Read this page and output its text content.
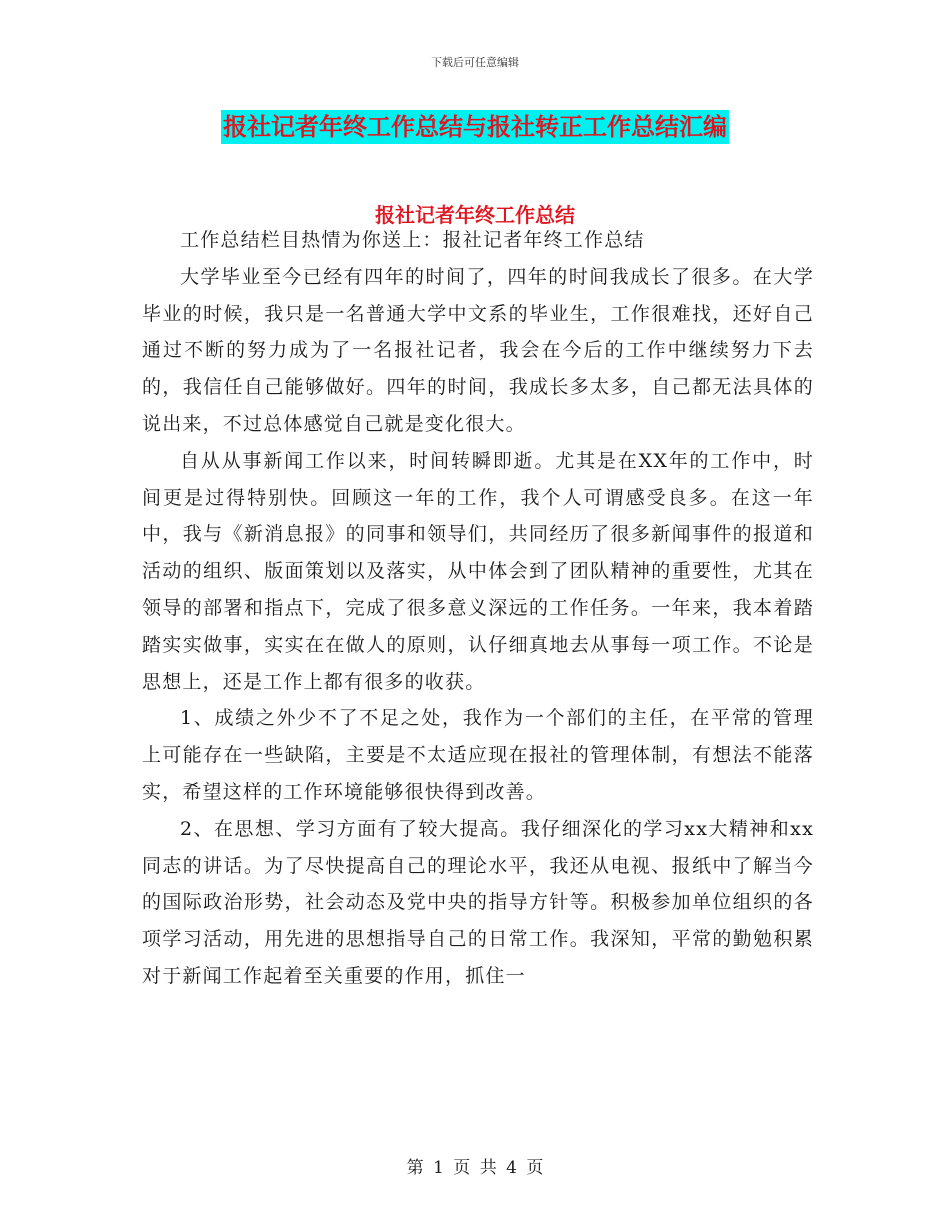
下载后可任意编辑
报社记者年终工作总结与报社转正工作总结汇编
报社记者年终工作总结

工作总结栏目热情为你送上：报社记者年终工作总结

大学毕业至今已经有四年的时间了，四年的时间我成长了很多。在大学毕业的时候，我只是一名普通大学中文系的毕业生，工作很难找，还好自己通过不断的努力成为了一名报社记者，我会在今后的工作中继续努力下去的，我信任自己能够做好。四年的时间，我成长多太多，自己都无法具体的说出来，不过总体感觉自己就是变化很大。

自从从事新闻工作以来，时间转瞬即逝。尤其是在XX年的工作中，时间更是过得特别快。回顾这一年的工作，我个人可谓感受良多。在这一年中，我与《新消息报》的同事和领导们，共同经历了很多新闻事件的报道和活动的组织、版面策划以及落实，从中体会到了团队精神的重要性，尤其在领导的部署和指点下，完成了很多意义深远的工作任务。一年来，我本着踏踏实实做事，实实在在做人的原则，认仔细真地去从事每一项工作。不论是思想上，还是工作上都有很多的收获。

1、成绩之外少不了不足之处，我作为一个部们的主任，在平常的管理上可能存在一些缺陷，主要是不太适应现在报社的管理体制，有想法不能落实，希望这样的工作环境能够很快得到改善。

2、在思想、学习方面有了较大提高。我仔细深化的学习xx大精神和xx同志的讲话。为了尽快提高自己的理论水平，我还从电视、报纸中了解当今的国际政治形势，社会动态及党中央的指导方针等。积极参加单位组织的各项学习活动，用先进的思想指导自己的日常工作。我深知，平常的勤勉积累对于新闻工作起着至关重要的作用，抓住一

第 1 页 共 4 页
